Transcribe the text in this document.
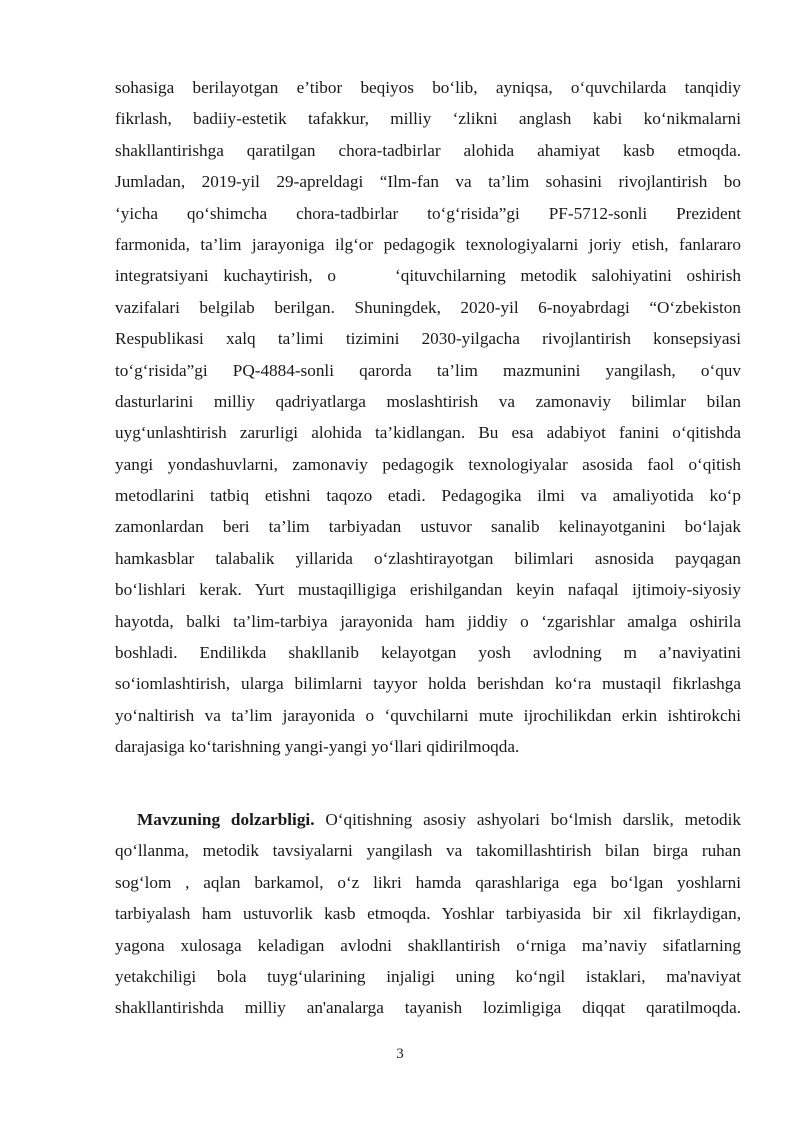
sohasiga berilayotgan e’tibor beqiyos bo‘lib, ayniqsa, o‘quvchilarda tanqidiy
fikrlash, badiiy-estetik tafakkur, milliy ‘zlikni anglash kabi ko‘nikmalarni
shakllantirishga qaratilgan chora-tadbirlar alohida ahamiyat kasb etmoqda.
Jumladan, 2019-yil 29-apreldagi “Ilm-fan va ta’lim sohasini rivojlantirish bo
‘yicha qo‘shimcha chora-tadbirlar to‘g‘risida”gi PF-5712-sonli Prezident
farmonida, ta’lim jarayoniga ilg‘or pedagogik texnologiyalarni joriy etish, fanlararo
integratsiyani kuchaytirish, o    ‘qituvchilarning metodik salohiyatini oshirish
vazifalari belgilab berilgan. Shuningdek, 2020-yil 6-noyabrdagi “O‘zbekiston
Respublikasi xalq ta’limi tizimini 2030-yilgacha rivojlantirish konsepsiyasi
to‘g‘risida”gi PQ-4884-sonli qarorda ta’lim mazmunini yangilash, o‘quv
dasturlarini milliy qadriyatlarga moslashtirish va zamonaviy bilimlar bilan
uyg‘unlashtirish zarurligi alohida ta’kidlangan. Bu esa adabiyot fanini o‘qitishda
yangi yondashuvlarni, zamonaviy pedagogik texnologiyalar asosida faol o‘qitish
metodlarini tatbiq etishni taqozo etadi. Pedagogika ilmi va amaliyotida ko‘p
zamonlardan beri ta’lim tarbiyadan ustuvor sanalib kelinayotganini bo‘lajak
hamkasblar talabalik yillarida o‘zlashtirayotgan bilimlari asnosida payqagan
bo‘lishlari kerak. Yurt mustaqilligiga erishilgandan keyin nafaqal ijtimoiy-siyosiy
hayotda, balki ta’lim-tarbiya jarayonida ham jiddiy o ‘zgarishlar amalga oshirila
boshladi. Endilikda shakllanib kelayotgan yosh avlodning m a’naviyatini
so‘iomlashtirish, ularga bilimlarni tayyor holda berishdan ko‘ra mustaqil fikrlashga
yo‘naltirish va ta’lim jarayonida o ‘quvchilarni mute ijrochilikdan erkin ishtirokchi
darajasiga ko‘tarishning yangi-yangi yo‘llari qidirilmoqda.
Mavzuning dolzarbligi. O‘qitishning asosiy ashyolari bo‘lmish darslik, metodik
qo‘llanma, metodik tavsiyalarni yangilash va takomillashtirish bilan birga ruhan
sog‘lom , aqlan barkamol, o‘z likri hamda qarashlariga ega bo‘lgan yoshlarni
tarbiyalash ham ustuvorlik kasb etmoqda. Yoshlar tarbiyasida bir xil fikrlaydigan,
yagona xulosaga keladigan avlodni shakllantirish o‘rniga ma’naviy sifatlarning
yetakchiligi bola tuyg‘ularining injaligi uning ko‘ngil istaklari, ma'naviyat
shakllantirishda milliy an'analarga tayanish lozimligiga diqqat qaratilmoqda.
3
